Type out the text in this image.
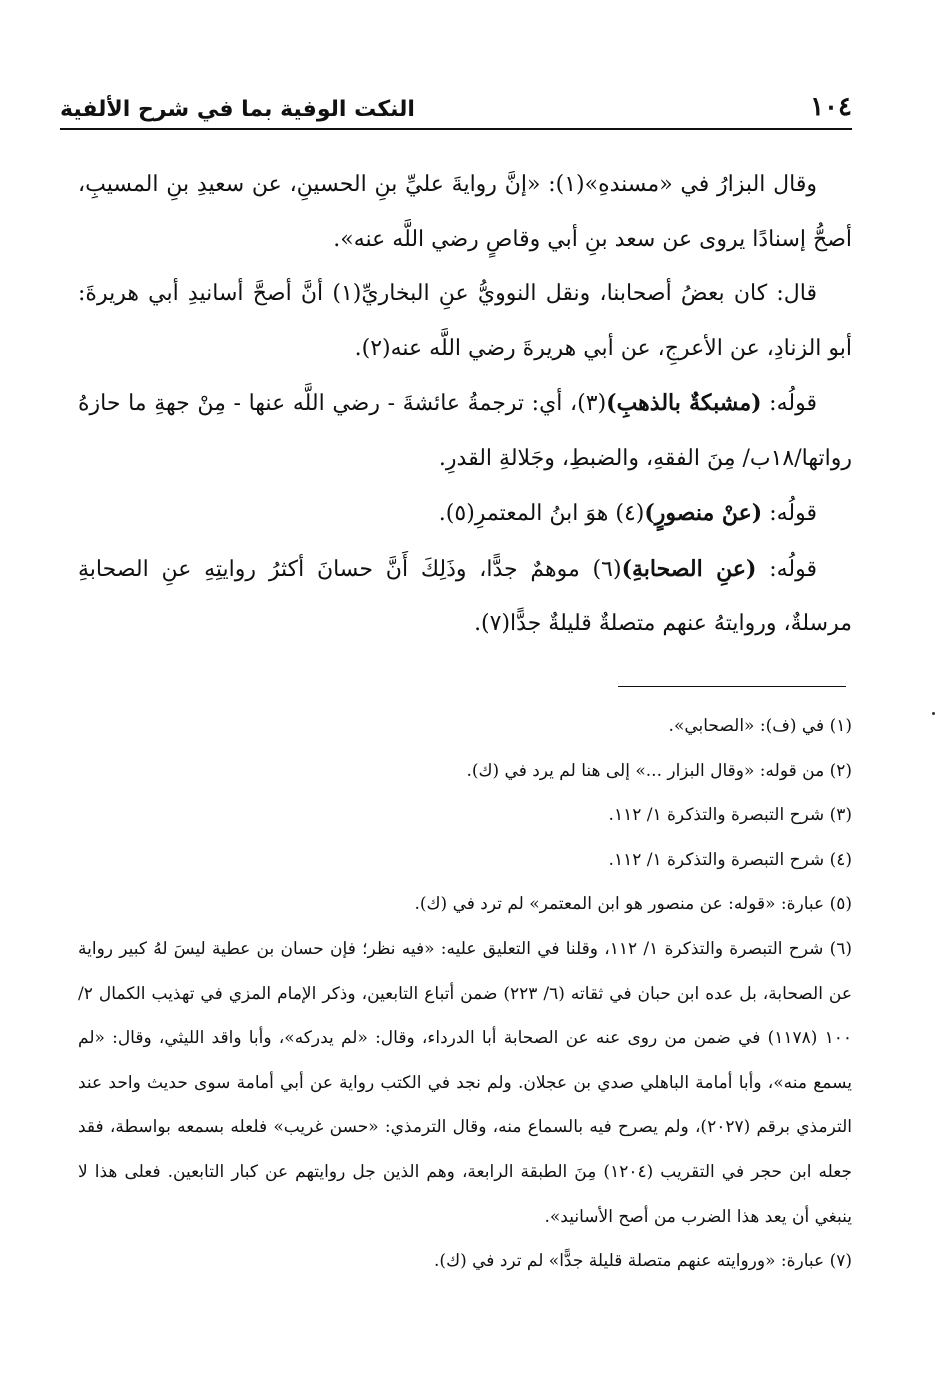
١٠٤
النكت الوفية بما في شرح الألفية

وقال البزارُ في «مسندهِ»(١): «إنَّ روايةَ عليِّ بنِ الحسينِ، عن سعيدِ بنِ المسيبِ، أصحُّ إسنادًا يروى عن سعد بنِ أبي وقاصٍ رضي اللَّه عنه».

قال: كان بعضُ أصحابنا، ونقل النوويُّ عنِ البخاريِّ(١) أنَّ أصحَّ أسانيدِ أبي هريرةَ: أبو الزنادِ، عن الأعرجِ، عن أبي هريرةَ رضي اللَّه عنه(٢).

قولُه: (مشبكةٌ بالذهبِ)(٣)، أي: ترجمةُ عائشةَ - رضي اللَّه عنها - مِنْ جهةِ ما حازهُ رواتها/١٨ب/ مِنَ الفقهِ، والضبطِ، وجَلالةِ القدرِ.

قولُه: (عنْ منصورٍ)(٤) هوَ ابنُ المعتمرِ(٥).

قولُه: (عنِ الصحابةِ)(٦) موهمٌ جدًّا، وذَلِكَ أَنَّ حسانَ أكثرُ روايتِهِ عنِ الصحابةِ مرسلةٌ، وروايتهُ عنهم متصلةٌ قليلةٌ جدًّا(٧).

(١) في (ف): «الصحابي».

(٢) من قوله: «وقال البزار ...» إلى هنا لم يرد في (ك).

(٣) شرح التبصرة والتذكرة ١/ ١١٢.

(٤) شرح التبصرة والتذكرة ١/ ١١٢.

(٥) عبارة: «قوله: عن منصور هو ابن المعتمر» لم ترد في (ك).

(٦) شرح التبصرة والتذكرة ١/ ١١٢، وقلنا في التعليق عليه: «فيه نظر؛ فإن حسان بن عطية ليسَ لهُ كبير رواية عن الصحابة، بل عده ابن حبان في ثقاته (٦/ ٢٢٣) ضمن أتباع التابعين، وذكر الإمام المزي في تهذيب الكمال ٢/ ١٠٠ (١١٧٨) في ضمن من روى عنه عن الصحابة أبا الدرداء، وقال: «لم يدركه»، وأبا واقد الليثي، وقال: «لم يسمع منه»، وأبا أمامة الباهلي صدي بن عجلان. ولم نجد في الكتب رواية عن أبي أمامة سوى حديث واحد عند الترمذي برقم (٢٠٢٧)، ولم يصرح فيه بالسماع منه، وقال الترمذي: «حسن غريب» فلعله بسمعه بواسطة، فقد جعله ابن حجر في التقريب (١٢٠٤) مِنَ الطبقة الرابعة، وهم الذين جل روايتهم عن كبار التابعين. فعلى هذا لا ينبغي أن يعد هذا الضرب من أصح الأسانيد».

(٧) عبارة: «وروايته عنهم متصلة قليلة جدًّا» لم ترد في (ك).
